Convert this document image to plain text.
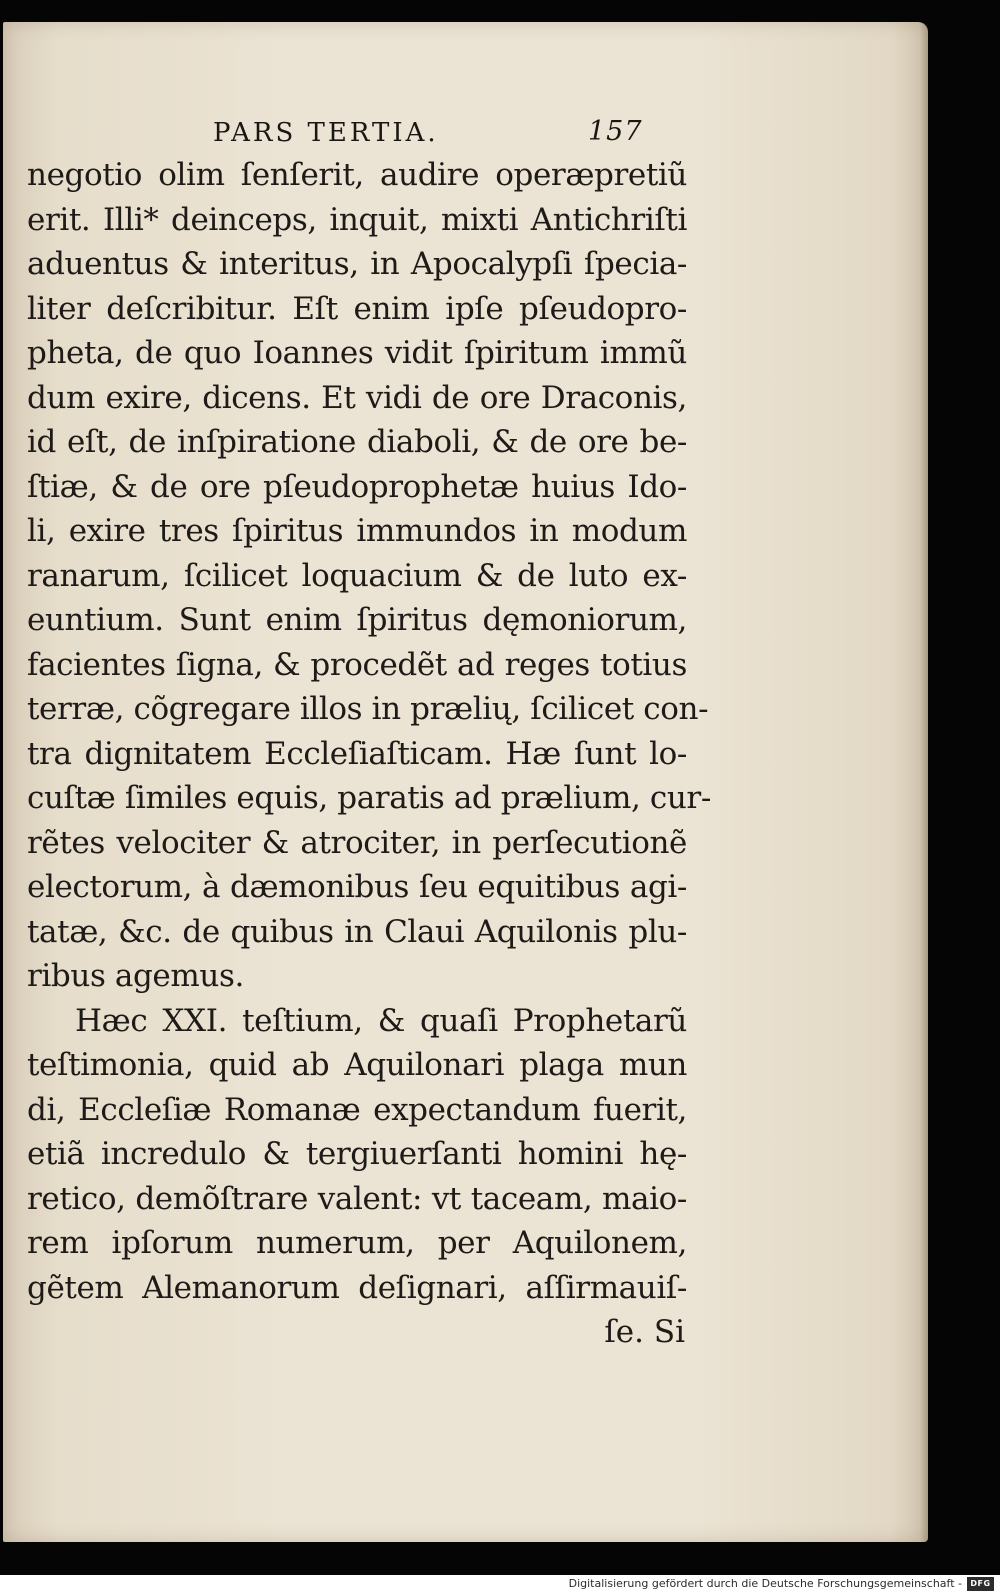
PARS TERTIA.	157
negotio olim ſenſerit, audire operæpretiũ
erit. Illi* deinceps, inquit, mixti Antichriſti
aduentus & interitus, in Apocalypſi ſpecia-
liter deſcribitur. Eſt enim ipſe pſeudopro-
pheta, de quo Ioannes vidit ſpiritum immũ
dum exire, dicens. Et vidi de ore Draconis,
id eſt, de inſpiratione diaboli, & de ore be-
ſtiæ, & de ore pſeudoprophetæ huius Ido-
li, exire tres ſpiritus immundos in modum
ranarum, ſcilicet loquacium & de luto ex-
euntium. Sunt enim ſpiritus dęmoniorum,
facientes ſigna, & procedẽt ad reges totius
terræ, cõgregare illos in prælių, ſcilicet con-
tra dignitatem Eccleſiaſticam. Hæ ſunt lo-
cuſtæ ſimiles equis, paratis ad prælium, cur-
rẽtes velociter & atrociter, in perſecutionẽ
electorum, à dæmonibus ſeu equitibus agi-
tatæ, &c. de quibus in Claui Aquilonis plu-
ribus agemus.
Hæc XXI. teſtium, & quaſi Prophetarũ
teſtimonia, quid ab Aquilonari plaga mun
di, Eccleſiæ Romanæ expectandum fuerit,
etiã incredulo & tergiuerſanti homini hę-
retico, demõſtrare valent: vt taceam, maio-
rem ipſorum numerum, per Aquilonem,
gẽtem Alemanorum deſignari, aſſirmauiſ-
ſe. Si
Digitalisierung gefördert durch die Deutsche Forschungsgemeinschaft -	DFG
